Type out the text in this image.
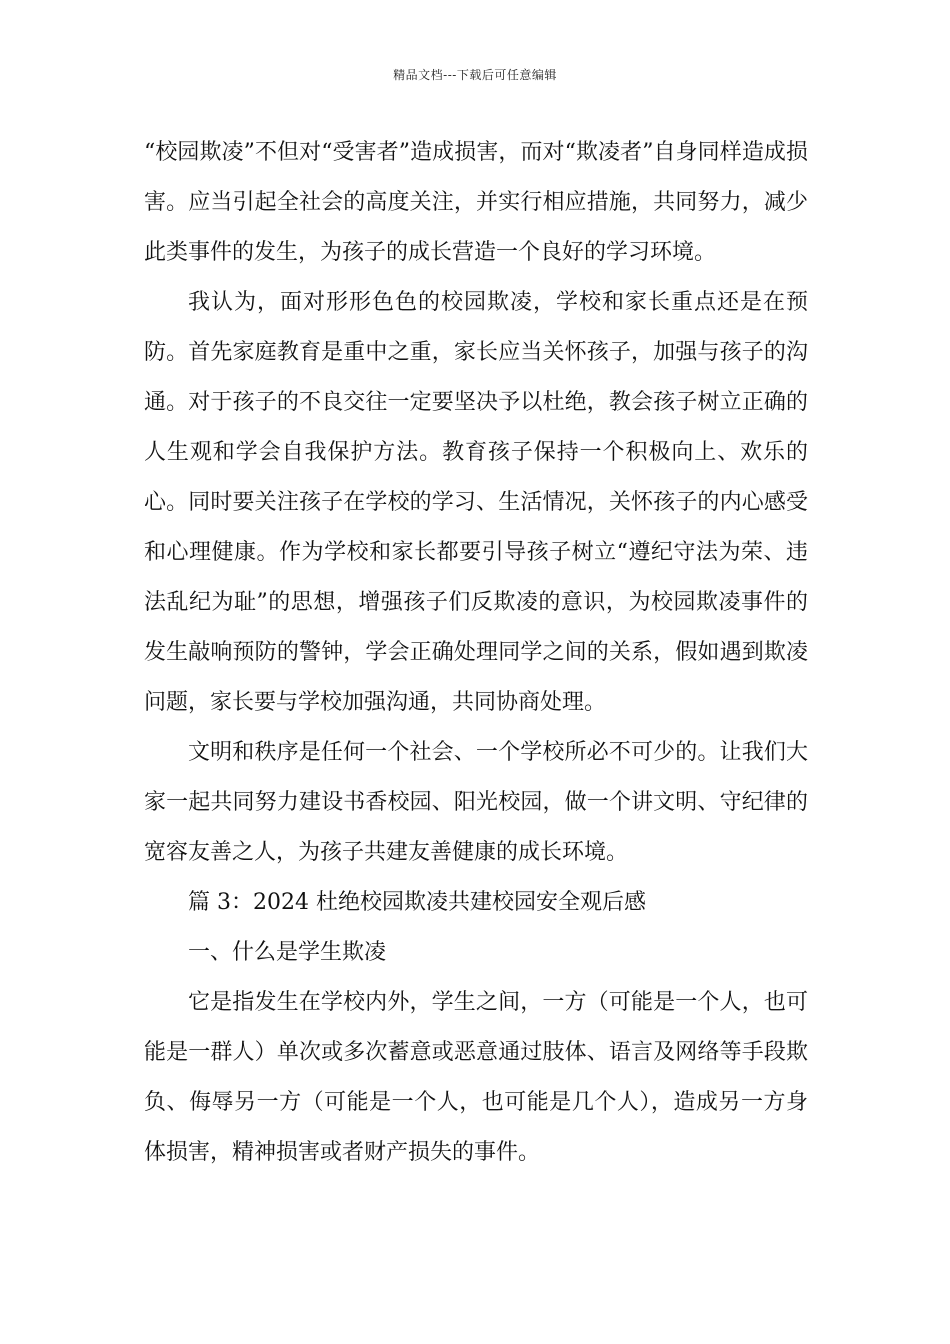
精品文档---下载后可任意编辑

“校园欺凌”不但对“受害者”造成损害，而对“欺凌者”自身同样造成损害。应当引起全社会的高度关注，并实行相应措施，共同努力，减少此类事件的发生，为孩子的成长营造一个良好的学习环境。

我认为，面对形形色色的校园欺凌，学校和家长重点还是在预防。首先家庭教育是重中之重，家长应当关怀孩子，加强与孩子的沟通。对于孩子的不良交往一定要坚决予以杜绝，教会孩子树立正确的人生观和学会自我保护方法。教育孩子保持一个积极向上、欢乐的心。同时要关注孩子在学校的学习、生活情况，关怀孩子的内心感受和心理健康。作为学校和家长都要引导孩子树立“遵纪守法为荣、违法乱纪为耻”的思想，增强孩子们反欺凌的意识，为校园欺凌事件的发生敲响预防的警钟，学会正确处理同学之间的关系，假如遇到欺凌问题，家长要与学校加强沟通，共同协商处理。

文明和秩序是任何一个社会、一个学校所必不可少的。让我们大家一起共同努力建设书香校园、阳光校园，做一个讲文明、守纪律的宽容友善之人，为孩子共建友善健康的成长环境。

篇 3：2024 杜绝校园欺凌共建校园安全观后感

一、什么是学生欺凌

它是指发生在学校内外，学生之间，一方（可能是一个人，也可能是一群人）单次或多次蓄意或恶意通过肢体、语言及网络等手段欺负、侮辱另一方（可能是一个人，也可能是几个人），造成另一方身体损害，精神损害或者财产损失的事件。
